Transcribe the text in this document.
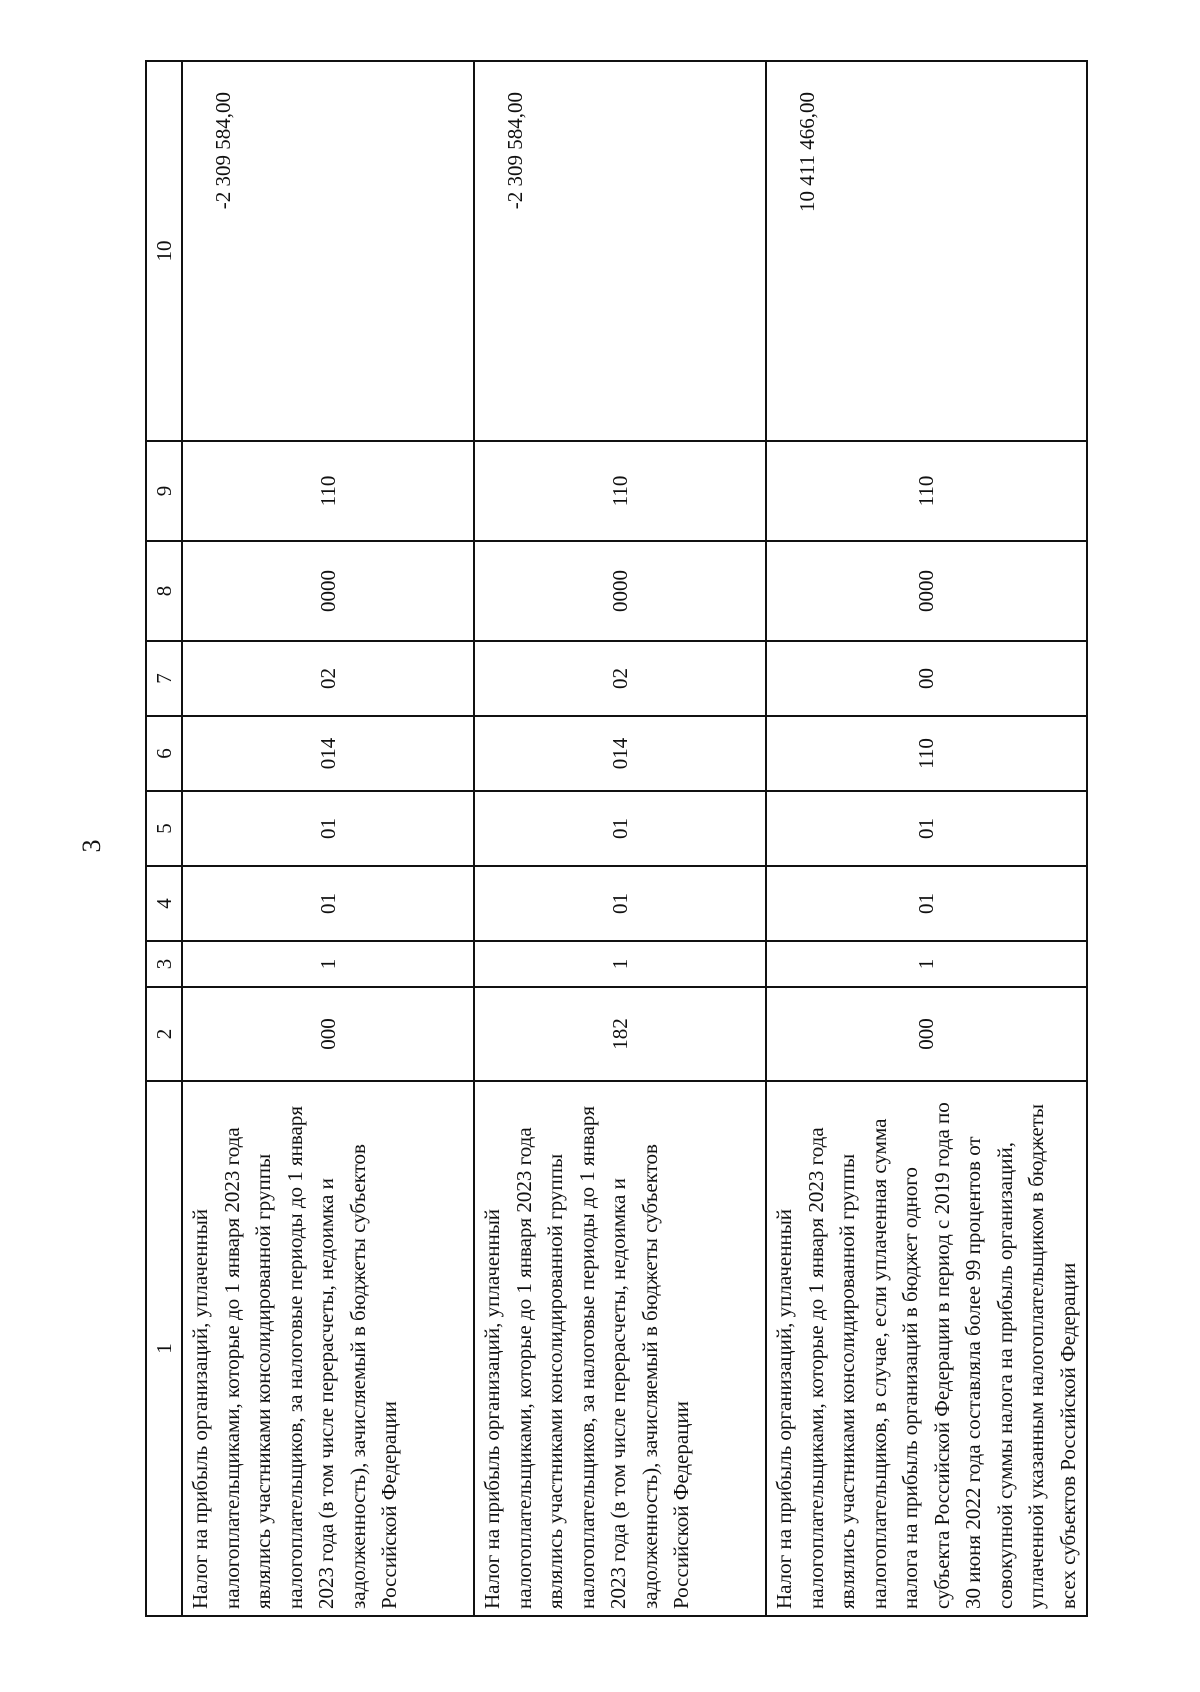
3
1	2	3	4	5	6	7	8	9	10
Налог на прибыль организаций, уплаченный налогоплательщиками, которые до 1 января 2023 года являлись участниками консолидированной группы налогоплательщиков, за налоговые периоды до 1 января 2023 года (в том числе перерасчеты, недоимка и задолженность), зачисляемый в бюджеты субъектов Российской Федерации	000	1	01	01	014	02	0000	110	-2 309 584,00
Налог на прибыль организаций, уплаченный налогоплательщиками, которые до 1 января 2023 года являлись участниками консолидированной группы налогоплательщиков, за налоговые периоды до 1 января 2023 года (в том числе перерасчеты, недоимка и задолженность), зачисляемый в бюджеты субъектов Российской Федерации	182	1	01	01	014	02	0000	110	-2 309 584,00
Налог на прибыль организаций, уплаченный налогоплательщиками, которые до 1 января 2023 года являлись участниками консолидированной группы налогоплательщиков, в случае, если уплаченная сумма налога на прибыль организаций в бюджет одного субъекта Российской Федерации в период с 2019 года по 30 июня 2022 года составляла более 99 процентов от совокупной суммы налога на прибыль организаций, уплаченной указанным налогоплательщиком в бюджеты всех субъектов Российской Федерации	000	1	01	01	110	00	0000	110	10 411 466,00
